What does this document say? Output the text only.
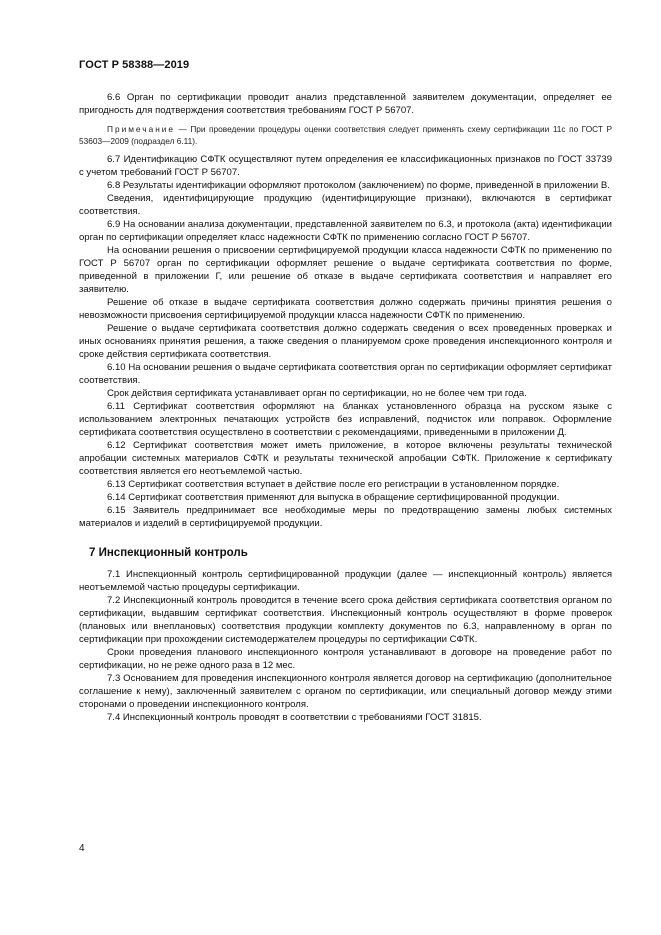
ГОСТ Р 58388—2019

6.6 Орган по сертификации проводит анализ представленной заявителем документации, определяет ее пригодность для подтверждения соответствия требованиям ГОСТ Р 56707.

Примечание — При проведении процедуры оценки соответствия следует применять схему сертификации 11с по ГОСТ Р 53603—2009 (подраздел 6.11).

6.7 Идентификацию СФТК осуществляют путем определения ее классификационных признаков по ГОСТ 33739 с учетом требований ГОСТ Р 56707.

6.8 Результаты идентификации оформляют протоколом (заключением) по форме, приведенной в приложении В.

Сведения, идентифицирующие продукцию (идентифицирующие признаки), включаются в сертификат соответствия.

6.9 На основании анализа документации, представленной заявителем по 6.3, и протокола (акта) идентификации орган по сертификации определяет класс надежности СФТК по применению согласно ГОСТ Р 56707.

На основании решения о присвоении сертифицируемой продукции класса надежности СФТК по применению по ГОСТ Р 56707 орган по сертификации оформляет решение о выдаче сертификата соответствия по форме, приведенной в приложении Г, или решение об отказе в выдаче сертификата соответствия и направляет его заявителю.

Решение об отказе в выдаче сертификата соответствия должно содержать причины принятия решения о невозможности присвоения сертифицируемой продукции класса надежности СФТК по применению.

Решение о выдаче сертификата соответствия должно содержать сведения о всех проведенных проверках и иных основаниях принятия решения, а также сведения о планируемом сроке проведения инспекционного контроля и сроке действия сертификата соответствия.

6.10 На основании решения о выдаче сертификата соответствия орган по сертификации оформляет сертификат соответствия.

Срок действия сертификата устанавливает орган по сертификации, но не более чем три года.

6.11 Сертификат соответствия оформляют на бланках установленного образца на русском языке с использованием электронных печатающих устройств без исправлений, подчисток или поправок. Оформление сертификата соответствия осуществлено в соответствии с рекомендациями, приведенными в приложении Д.

6.12 Сертификат соответствия может иметь приложение, в которое включены результаты технической апробации системных материалов СФТК и результаты технической апробации СФТК. Приложение к сертификату соответствия является его неотъемлемой частью.

6.13 Сертификат соответствия вступает в действие после его регистрации в установленном порядке.

6.14 Сертификат соответствия применяют для выпуска в обращение сертифицированной продукции.

6.15 Заявитель предпринимает все необходимые меры по предотвращению замены любых системных материалов и изделий в сертифицируемой продукции.

7 Инспекционный контроль

7.1 Инспекционный контроль сертифицированной продукции (далее — инспекционный контроль) является неотъемлемой частью процедуры сертификации.

7.2 Инспекционный контроль проводится в течение всего срока действия сертификата соответствия органом по сертификации, выдавшим сертификат соответствия. Инспекционный контроль осуществляют в форме проверок (плановых или внеплановых) соответствия продукции комплекту документов по 6.3, направленному в орган по сертификации при прохождении системодержателем процедуры по сертификации СФТК.

Сроки проведения планового инспекционного контроля устанавливают в договоре на проведение работ по сертификации, но не реже одного раза в 12 мес.

7.3 Основанием для проведения инспекционного контроля является договор на сертификацию (дополнительное соглашение к нему), заключенный заявителем с органом по сертификации, или специальный договор между этими сторонами о проведении инспекционного контроля.

7.4 Инспекционный контроль проводят в соответствии с требованиями ГОСТ 31815.

4
